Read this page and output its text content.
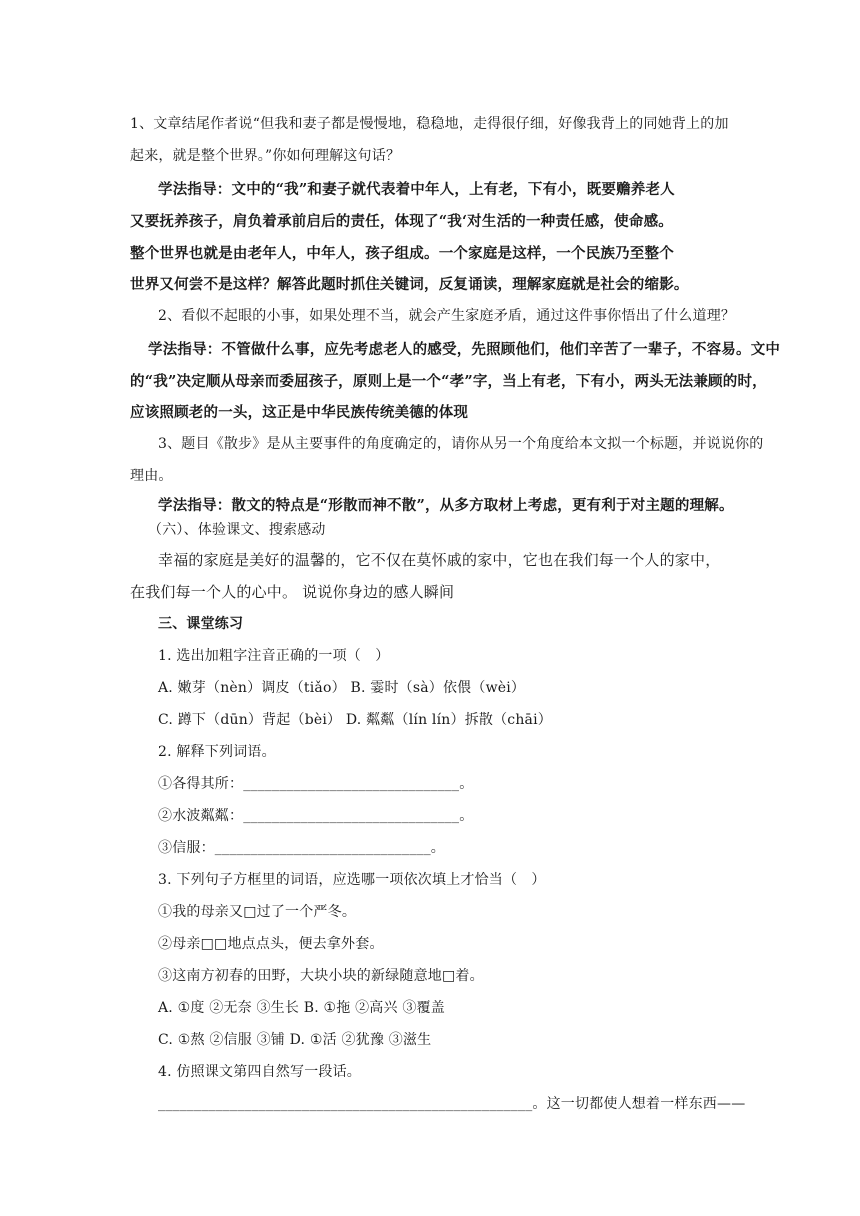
1、文章结尾作者说“但我和妻子都是慢慢地，稳稳地，走得很仔细，好像我背上的同她背上的加
起来，就是整个世界。”你如何理解这句话？
学法指导：文中的“我”和妻子就代表着中年人，上有老，下有小，既要赡养老人
又要抚养孩子，肩负着承前启后的责任，体现了“我‘对生活的一种责任感，使命感。
整个世界也就是由老年人，中年人，孩子组成。一个家庭是这样，一个民族乃至整个
世界又何尝不是这样？解答此题时抓住关键词，反复诵读，理解家庭就是社会的缩影。
2、看似不起眼的小事，如果处理不当，就会产生家庭矛盾，通过这件事你悟出了什么道理？
学法指导：不管做什么事，应先考虑老人的感受，先照顾他们，他们辛苦了一辈子，不容易。文中
的“我”决定顺从母亲而委屈孩子，原则上是一个“孝”字，当上有老，下有小，两头无法兼顾的时，
应该照顾老的一头，这正是中华民族传统美德的体现
3、题目《散步》是从主要事件的角度确定的，请你从另一个角度给本文拟一个标题，并说说你的
理由。
学法指导：散文的特点是“形散而神不散”，从多方取材上考虑，更有利于对主题的理解。
（六）、体验课文、搜索感动
幸福的家庭是美好的温馨的，它不仅在莫怀戚的家中，它也在我们每一个人的家中，
在我们每一个人的心中。 说说你身边的感人瞬间
三、课堂练习
1. 选出加粗字注音正确的一项（　）
A. 嫩芽（nèn）调皮（tiǎo） B. 霎时（sà）依偎（wèi）
C. 蹲下（dūn）背起（bèi） D. 粼粼（lín lín）拆散（chāi）
2. 解释下列词语。
①各得其所：______________________________。
②水波粼粼：______________________________。
③信服：______________________________。
3. 下列句子方框里的词语，应选哪一项依次填上才恰当（　）
①我的母亲又□过了一个严冬。
②母亲□□地点点头，便去拿外套。
③这南方初春的田野，大块小块的新绿随意地□着。
A. ①度 ②无奈 ③生长 B. ①拖 ②高兴 ③覆盖
C. ①熬 ②信服 ③铺 D. ①活 ②犹豫 ③滋生
4. 仿照课文第四自然写一段话。
____________________________________________________。这一切都使人想着一样东西——
